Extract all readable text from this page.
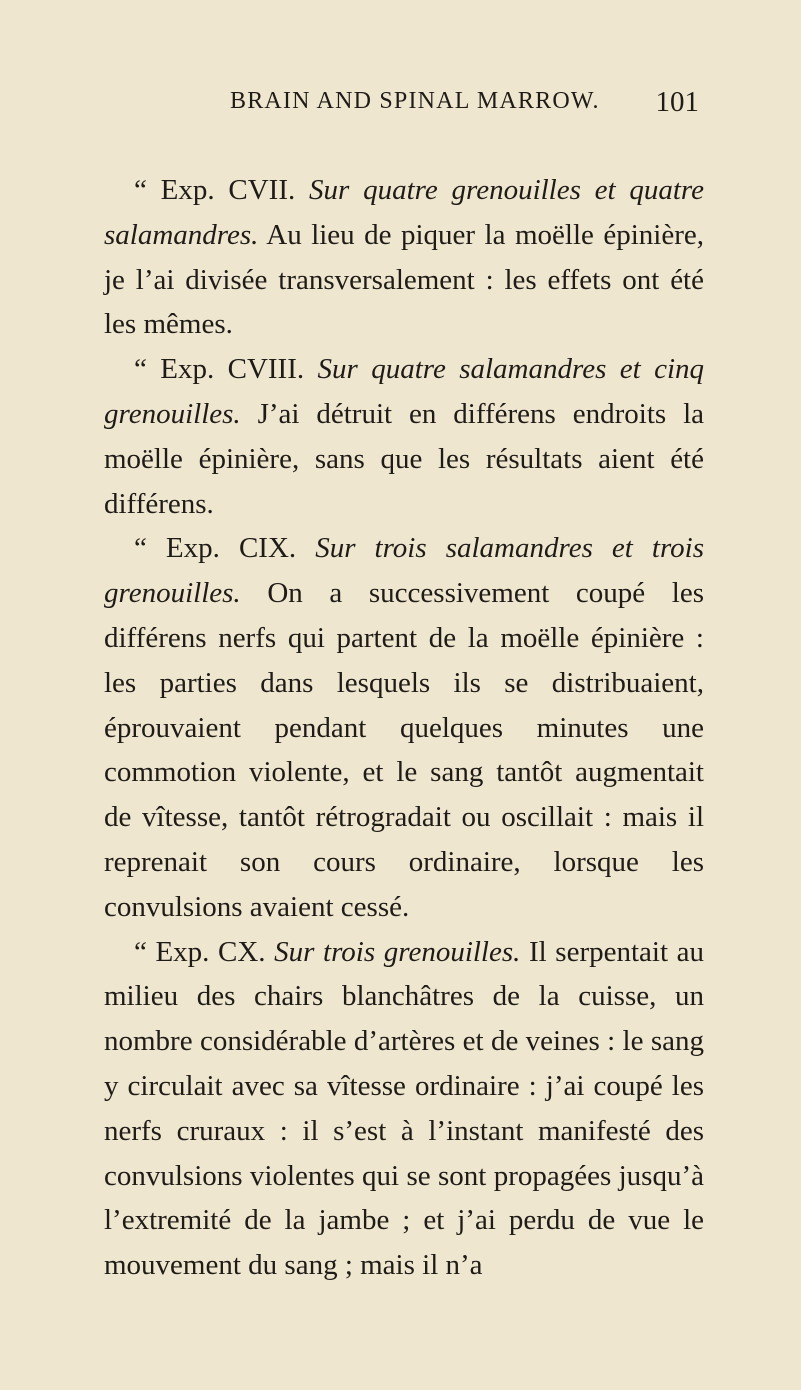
BRAIN AND SPINAL MARROW. 101

“ Exp. CVII. Sur quatre grenouilles et quatre salamandres. Au lieu de piquer la moëlle épinière, je l’ai divisée transversalement : les effets ont été les mêmes.

“ Exp. CVIII. Sur quatre salamandres et cinq grenouilles. J’ai détruit en différens endroits la moëlle épinière, sans que les résultats aient été différens.

“ Exp. CIX. Sur trois salamandres et trois grenouilles. On a successivement coupé les différens nerfs qui partent de la moëlle épinière : les parties dans lesquels ils se distribuaient, éprouvaient pendant quelques minutes une commotion violente, et le sang tantôt augmentait de vîtesse, tantôt rétrogradait ou oscillait : mais il reprenait son cours ordinaire, lorsque les convulsions avaient cessé.

“ Exp. CX. Sur trois grenouilles. Il serpentait au milieu des chairs blanchâtres de la cuisse, un nombre considérable d’artères et de veines : le sang y circulait avec sa vîtesse ordinaire : j’ai coupé les nerfs cruraux : il s’est à l’instant manifesté des convulsions violentes qui se sont propagées jusqu’à l’extremité de la jambe ; et j’ai perdu de vue le mouvement du sang ; mais il n’a
